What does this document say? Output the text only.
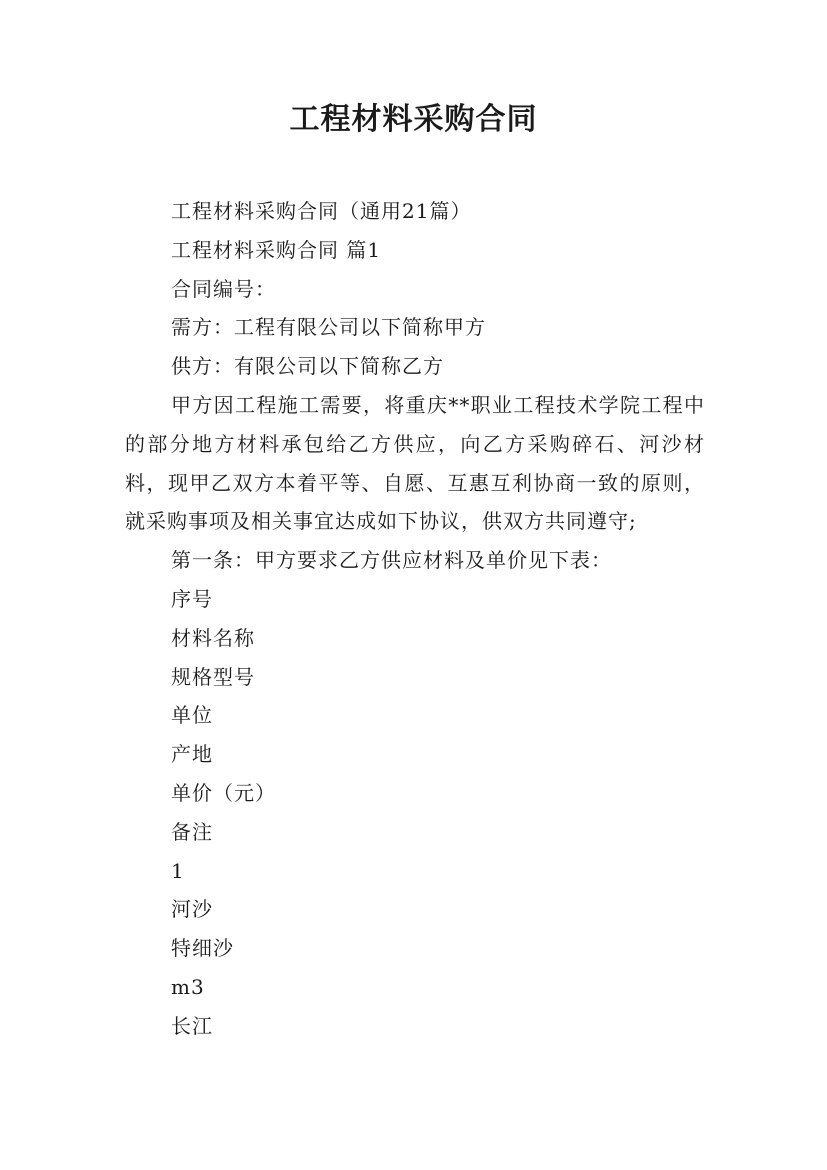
工程材料采购合同

工程材料采购合同（通用21篇）

工程材料采购合同 篇1

合同编号：

需方：工程有限公司以下简称甲方

供方：有限公司以下简称乙方

甲方因工程施工需要，将重庆**职业工程技术学院工程中的部分地方材料承包给乙方供应，向乙方采购碎石、河沙材料，现甲乙双方本着平等、自愿、互惠互利协商一致的原则，就采购事项及相关事宜达成如下协议，供双方共同遵守;

第一条：甲方要求乙方供应材料及单价见下表：

序号

材料名称

规格型号

单位

产地

单价（元）

备注

1

河沙

特细沙

m3

长江
